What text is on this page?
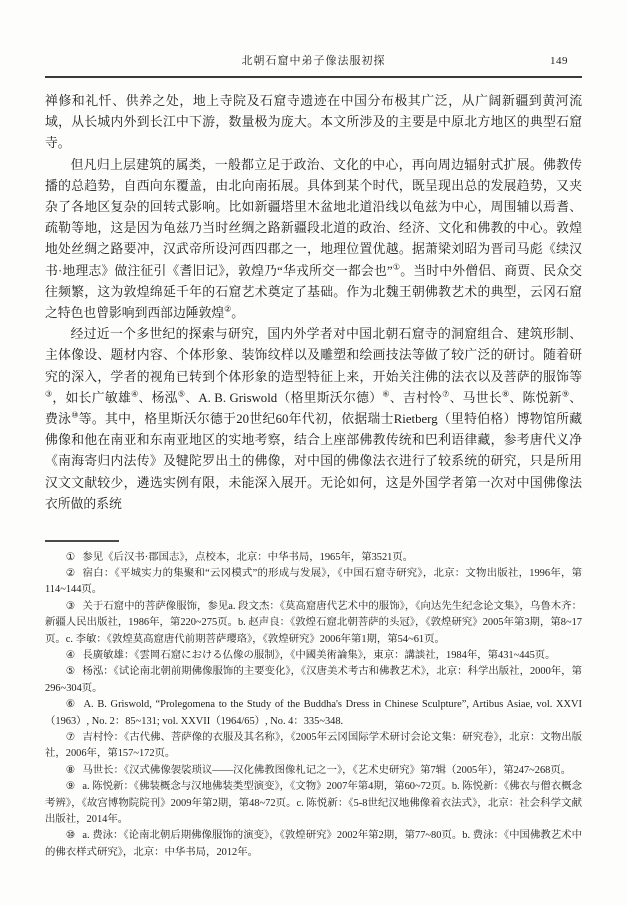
北朝石窟中弟子像法服初探	149

禅修和礼忏、供养之处，地上寺院及石窟寺遗迹在中国分布极其广泛，从广阔新疆到黄河流域，从长城内外到长江中下游，数量极为庞大。本文所涉及的主要是中原北方地区的典型石窟寺。

但凡归上层建筑的属类，一般都立足于政治、文化的中心，再向周边辐射式扩展。佛教传播的总趋势，自西向东覆盖，由北向南拓展。具体到某个时代，既呈现出总的发展趋势，又夹杂了各地区复杂的回转式影响。比如新疆塔里木盆地北道沿线以龟兹为中心，周围辅以焉耆、疏勒等地，这是因为龟兹乃当时丝绸之路新疆段北道的政治、经济、文化和佛教的中心。敦煌地处丝绸之路要冲，汉武帝所设河西四郡之一，地理位置优越。据萧梁刘昭为晋司马彪《续汉书·地理志》做注征引《耆旧记》，敦煌乃“华戎所交一都会也”①。当时中外僧侣、商贾、民众交往频繁，这为敦煌绵延千年的石窟艺术奠定了基础。作为北魏王朝佛教艺术的典型，云冈石窟之特色也曾影响到西部边陲敦煌②。

经过近一个多世纪的探索与研究，国内外学者对中国北朝石窟寺的洞窟组合、建筑形制、主体像设、题材内容、个体形象、装饰纹样以及雕塑和绘画技法等做了较广泛的研讨。随着研究的深入，学者的视角已转到个体形象的造型特征上来，开始关注佛的法衣以及菩萨的服饰等③，如长广敏雄④、杨泓⑤、A. B. Griswold（格里斯沃尔德）⑥、吉村怜⑦、马世长⑧、陈悦新⑨、费泳⑩等。其中，格里斯沃尔德于20世纪60年代初，依据瑞士Rietberg（里特伯格）博物馆所藏佛像和他在南亚和东南亚地区的实地考察，结合上座部佛教传统和巴利语律藏，参考唐代义净《南海寄归内法传》及犍陀罗出土的佛像，对中国的佛像法衣进行了较系统的研究，只是所用汉文文献较少，遴选实例有限，未能深入展开。无论如何，这是外国学者第一次对中国佛像法衣所做的系统

① 参见《后汉书·郡国志》，点校本，北京：中华书局，1965年，第3521页。

② 宿白：《平城实力的集聚和“云冈模式”的形成与发展》，《中国石窟寺研究》，北京：文物出版社，1996年，第114~144页。

③ 关于石窟中的菩萨像服饰，参见a. 段文杰：《莫高窟唐代艺术中的服饰》，《向达先生纪念论文集》，乌鲁木齐：新疆人民出版社，1986年，第220~275页。b. 赵声良：《敦煌石窟北朝菩萨的头冠》，《敦煌研究》2005年第3期，第8~17页。c. 李敏：《敦煌莫高窟唐代前期菩萨璎珞》，《敦煌研究》2006年第1期，第54~61页。

④ 長廣敏雄：《雲岡石窟における仏像の服制》，《中國美術論集》，東京：講談社，1984年，第431~445页。

⑤ 杨泓：《试论南北朝前期佛像服饰的主要变化》，《汉唐美术考古和佛教艺术》，北京：科学出版社，2000年，第296~304页。

⑥ A. B. Griswold, “Prolegomena to the Study of the Buddha's Dress in Chinese Sculpture”, Artibus Asiae, vol. XXVI（1963）, No. 2：85~131; vol. XXVII（1964/65）, No. 4：335~348.

⑦ 吉村怜：《古代佛、菩萨像的衣服及其名称》，《2005年云冈国际学术研讨会论文集：研究卷》，北京：文物出版社，2006年，第157~172页。

⑧ 马世长：《汉式佛像袈裟琐议——汉化佛教图像札记之一》，《艺术史研究》第7辑（2005年），第247~268页。

⑨ a. 陈悦新：《佛装概念与汉地佛装类型演变》，《文物》2007年第4期，第60~72页。b. 陈悦新：《佛衣与僧衣概念考辨》，《故宫博物院院刊》2009年第2期，第48~72页。c. 陈悦新：《5-8世纪汉地佛像着衣法式》，北京：社会科学文献出版社，2014年。

⑩ a. 费泳：《论南北朝后期佛像服饰的演变》，《敦煌研究》2002年第2期，第77~80页。b. 费泳：《中国佛教艺术中的佛衣样式研究》，北京：中华书局，2012年。
